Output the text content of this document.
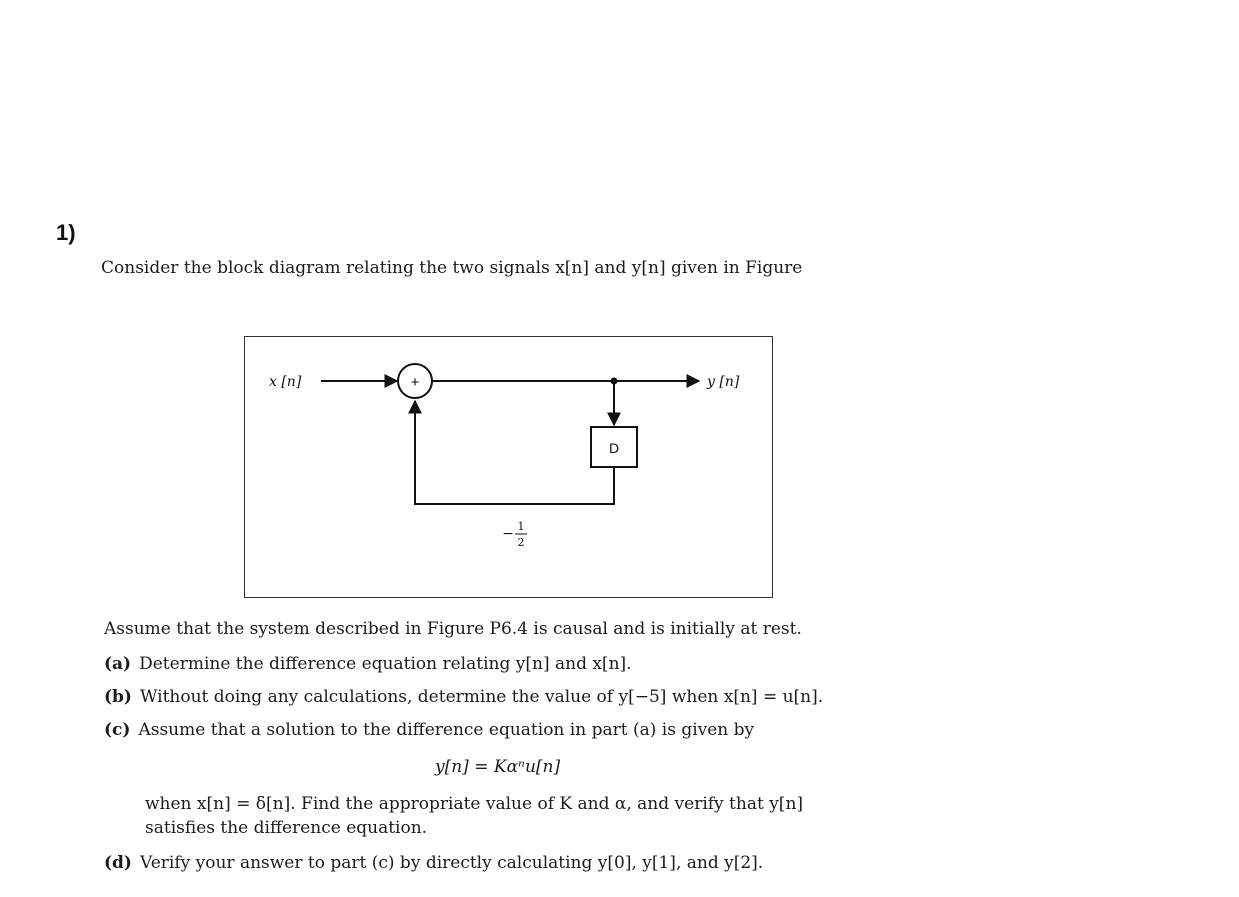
1)
Consider the block diagram relating the two signals x[n] and y[n] given in Figure
+
D
x [n]	y [n]
− 1
2
Assume that the system described in Figure P6.4 is causal and is initially at rest.
(a) Determine the difference equation relating y[n] and x[n].
(b) Without doing any calculations, determine the value of y[−5] when x[n] = u[n].
(c) Assume that a solution to the difference equation in part (a) is given by
y[n] = Kαⁿu[n]
when x[n] = δ[n]. Find the appropriate value of K and α, and verify that y[n]
satisfies the difference equation.
(d) Verify your answer to part (c) by directly calculating y[0], y[1], and y[2].
